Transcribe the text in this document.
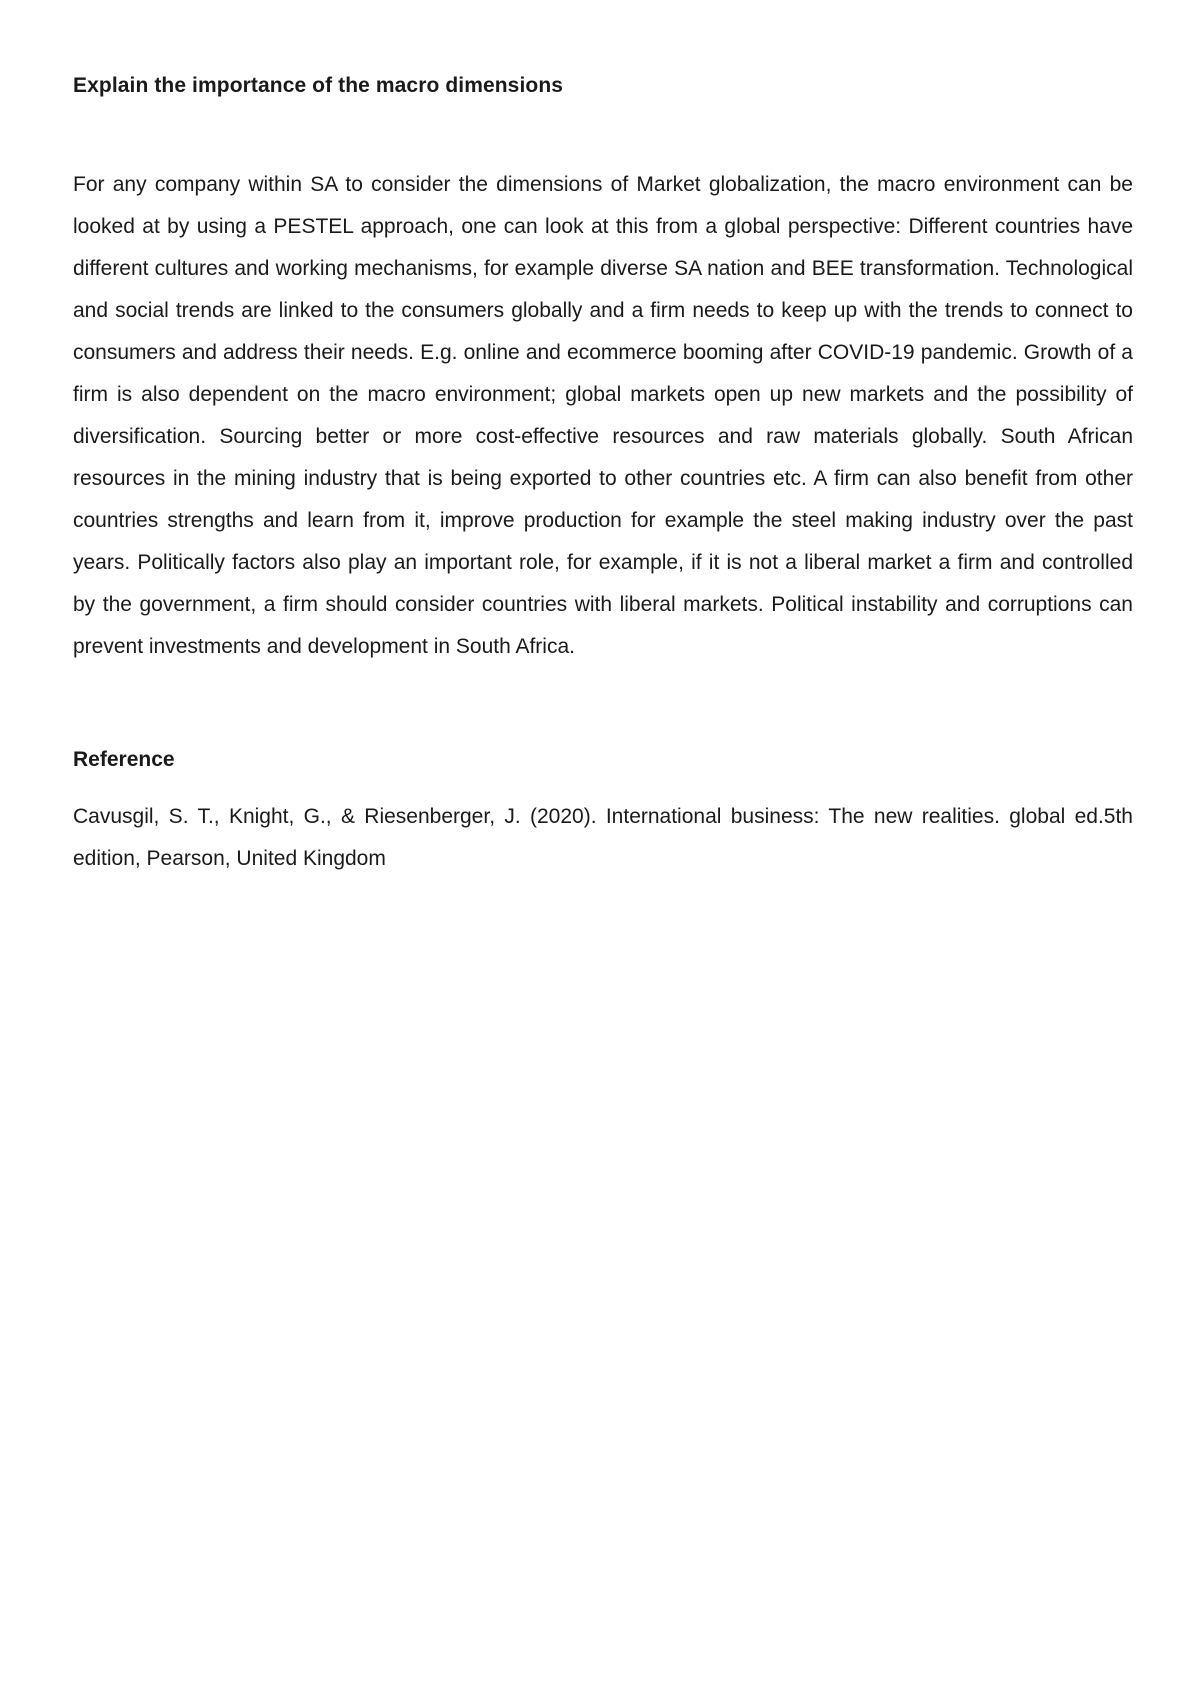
Explain the importance of the macro dimensions

For any company within SA to consider the dimensions of Market globalization, the macro environment can be looked at by using a PESTEL approach, one can look at this from a global perspective: Different countries have different cultures and working mechanisms, for example diverse SA nation and BEE transformation. Technological and social trends are linked to the consumers globally and a firm needs to keep up with the trends to connect to consumers and address their needs. E.g. online and ecommerce booming after COVID-19 pandemic. Growth of a firm is also dependent on the macro environment; global markets open up new markets and the possibility of diversification. Sourcing better or more cost-effective resources and raw materials globally. South African resources in the mining industry that is being exported to other countries etc. A firm can also benefit from other countries strengths and learn from it, improve production for example the steel making industry over the past years. Politically factors also play an important role, for example, if it is not a liberal market a firm and controlled by the government, a firm should consider countries with liberal markets. Political instability and corruptions can prevent investments and development in South Africa.

Reference

Cavusgil, S. T., Knight, G., & Riesenberger, J. (2020). International business: The new realities. global ed.5th edition, Pearson, United Kingdom
